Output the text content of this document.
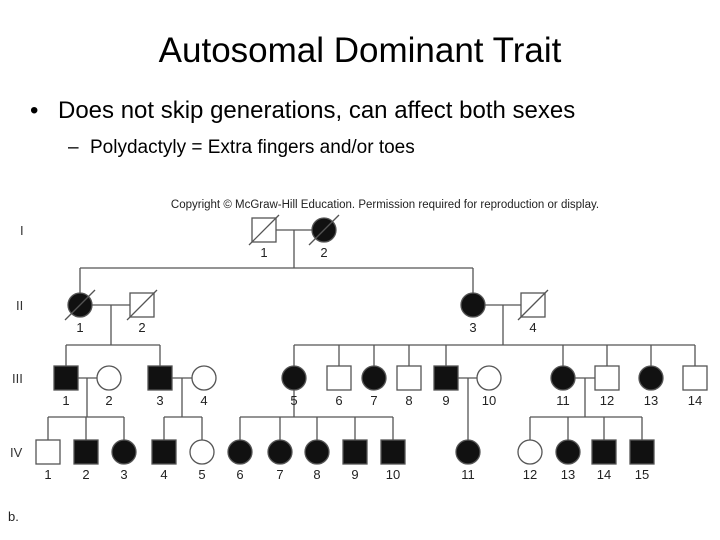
Autosomal Dominant Trait
• Does not skip generations, can affect both sexes
– Polydactyly = Extra fingers and/or toes
Copyright © McGraw-Hill Education. Permission required for reproduction or display.
I
II
III
IV
1	2
1	2	3	4
1	2	3	4	5	6 7 8 9 10	11 12 13 14
1 2 3	4 5 6	7 8 9 10	11	12 13 14 15
b.
